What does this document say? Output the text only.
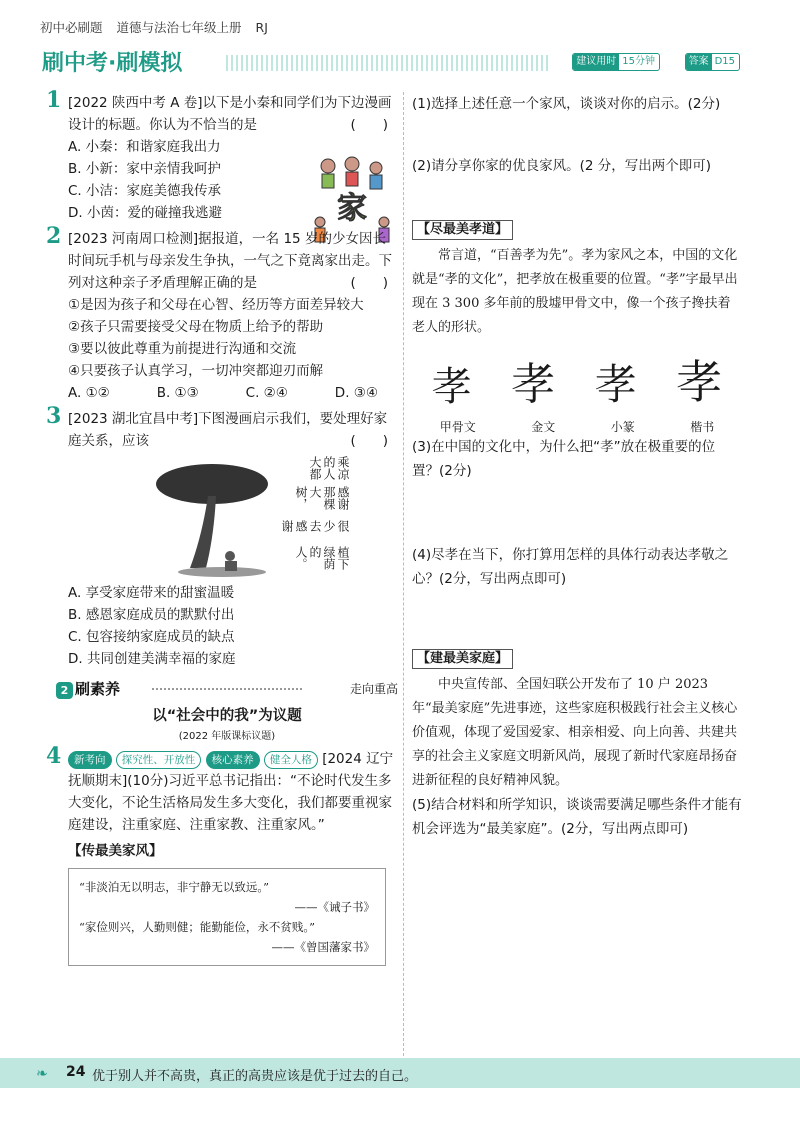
初中必刷题 道德与法治七年级上册 RJ
刷中考·刷模拟	建议用时 15分钟	答案 D15
1 [2022 陕西中考 A 卷]以下是小秦和同学们为下边漫画设计的标题。你认为不恰当的是	(　　)
A. 小秦：和谐家庭我出力
B. 小新：家中亲情我呵护
C. 小洁：家庭美德我传承
D. 小茵：爱的碰撞我逃避	家
2 [2023 河南周口检测]据报道，一名 15 岁的少女因长时间玩手机与母亲发生争执，一气之下竟离家出走。下列对这种亲子矛盾理解正确的是	(　　)
①是因为孩子和父母在心智、经历等方面差异较大
②孩子只需要接受父母在物质上给予的帮助
③要以彼此尊重为前提进行沟通和交流
④只要孩子认真学习，一切冲突都迎刃而解
A. ①②	B. ①③	C. ②④	D. ③④
3 [2023 湖北宜昌中考]下图漫画启示我们，要处理好家庭关系，应该	(　　)
乘凉的人大都
感谢那棵大树，
很少去感谢
植下绿荫的人。
A. 享受家庭带来的甜蜜温暖
B. 感恩家庭成员的默默付出
C. 包容接纳家庭成员的缺点
D. 共同创建美满幸福的家庭
2 刷素养	走向重高
以“社会中的我”为议题
(2022 年版课标议题)
4 新考向 探究性、开放性 核心素养 健全人格 [2024 辽宁抚顺期末](10分)习近平总书记指出：“不论时代发生多大变化，不论生活格局发生多大变化，我们都要重视家庭建设，注重家庭、注重家教、注重家风。”
【传最美家风】
“非淡泊无以明志，非宁静无以致远。”
——《诫子书》
“家俭则兴，人勤则健；能勤能俭，永不贫贱。”
——《曾国藩家书》
(1)选择上述任意一个家风，谈谈对你的启示。(2分)
(2)请分享你家的优良家风。(2 分，写出两个即可)
【尽最美孝道】
常言道，“百善孝为先”。孝为家风之本，中国的文化就是“孝的文化”，把孝放在极重要的位置。“孝”字最早出现在 3 300 多年前的殷墟甲骨文中，像一个孩子搀扶着老人的形状。
孝 孝 孝 孝
甲骨文	金文	小篆	楷书
(3)在中国的文化中，为什么把“孝”放在极重要的位置？(2分)
(4)尽孝在当下，你打算用怎样的具体行动表达孝敬之心？(2分，写出两点即可)
【建最美家庭】
中央宣传部、全国妇联公开发布了 10 户 2023 年“最美家庭”先进事迹，这些家庭积极践行社会主义核心价值观，体现了爱国爱家、相亲相爱、向上向善、共建共享的社会主义家庭文明新风尚，展现了新时代家庭昂扬奋进新征程的良好精神风貌。
(5)结合材料和所学知识，谈谈需要满足哪些条件才能有机会评选为“最美家庭”。(2分，写出两点即可)
❧ 24 优于别人并不高贵，真正的高贵应该是优于过去的自己。
